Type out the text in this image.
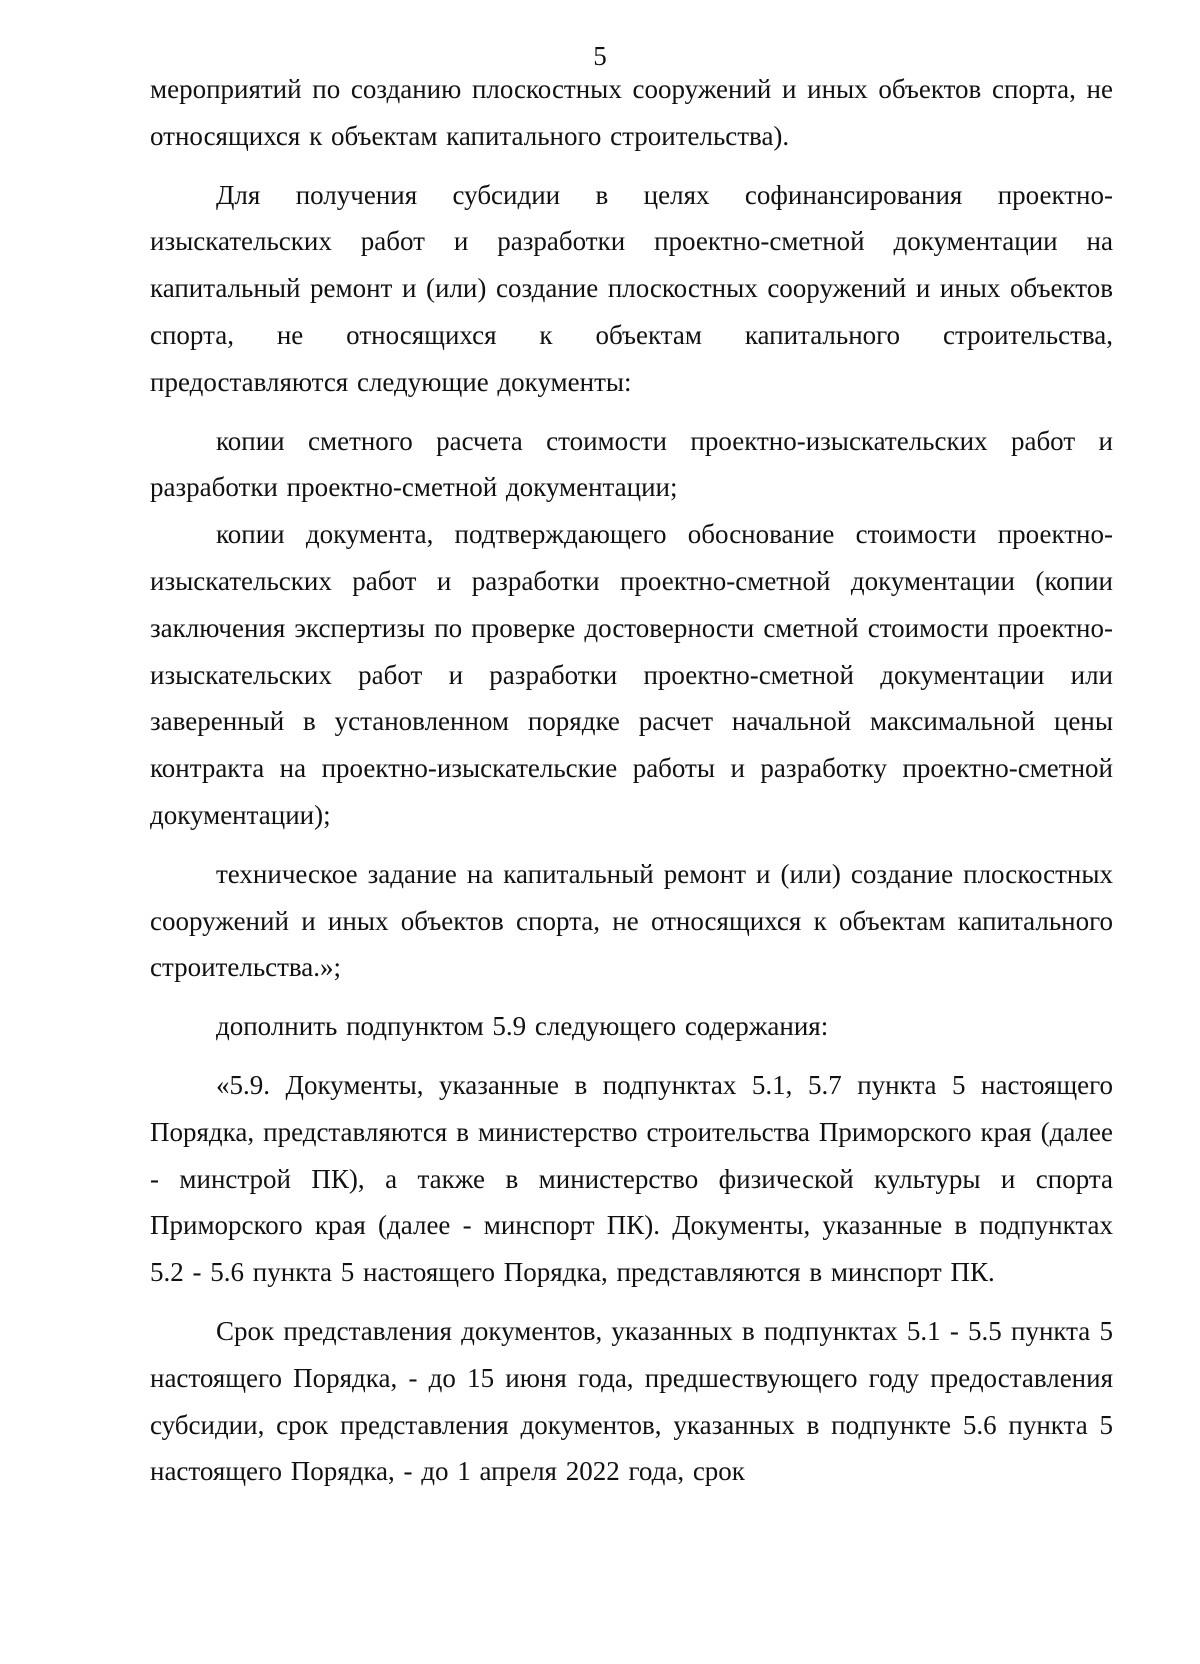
5

мероприятий по созданию плоскостных сооружений и иных объектов спорта, не относящихся к объектам капитального строительства).

Для получения субсидии в целях софинансирования проектно-изыскательских работ и разработки проектно-сметной документации на капитальный ремонт и (или) создание плоскостных сооружений и иных объектов спорта, не относящихся к объектам капитального строительства, предоставляются следующие документы:

копии сметного расчета стоимости проектно-изыскательских работ и разработки проектно-сметной документации;

копии документа, подтверждающего обоснование стоимости проектно-изыскательских работ и разработки проектно-сметной документации (копии заключения экспертизы по проверке достоверности сметной стоимости проектно-изыскательских работ и разработки проектно-сметной документации или заверенный в установленном порядке расчет начальной максимальной цены контракта на проектно-изыскательские работы и разработку проектно-сметной документации);

техническое задание на капитальный ремонт и (или) создание плоскостных сооружений и иных объектов спорта, не относящихся к объектам капитального строительства.»;

дополнить подпунктом 5.9 следующего содержания:

«5.9. Документы, указанные в подпунктах 5.1, 5.7 пункта 5 настоящего Порядка, представляются в министерство строительства Приморского края (далее - минстрой ПК), а также в министерство физической культуры и спорта Приморского края (далее - минспорт ПК). Документы, указанные в подпунктах 5.2 - 5.6 пункта 5 настоящего Порядка, представляются в минспорт ПК.

Срок представления документов, указанных в подпунктах 5.1 - 5.5 пункта 5 настоящего Порядка, - до 15 июня года, предшествующего году предоставления субсидии, срок представления документов, указанных в подпункте 5.6 пункта 5 настоящего Порядка, - до 1 апреля 2022 года, срок
